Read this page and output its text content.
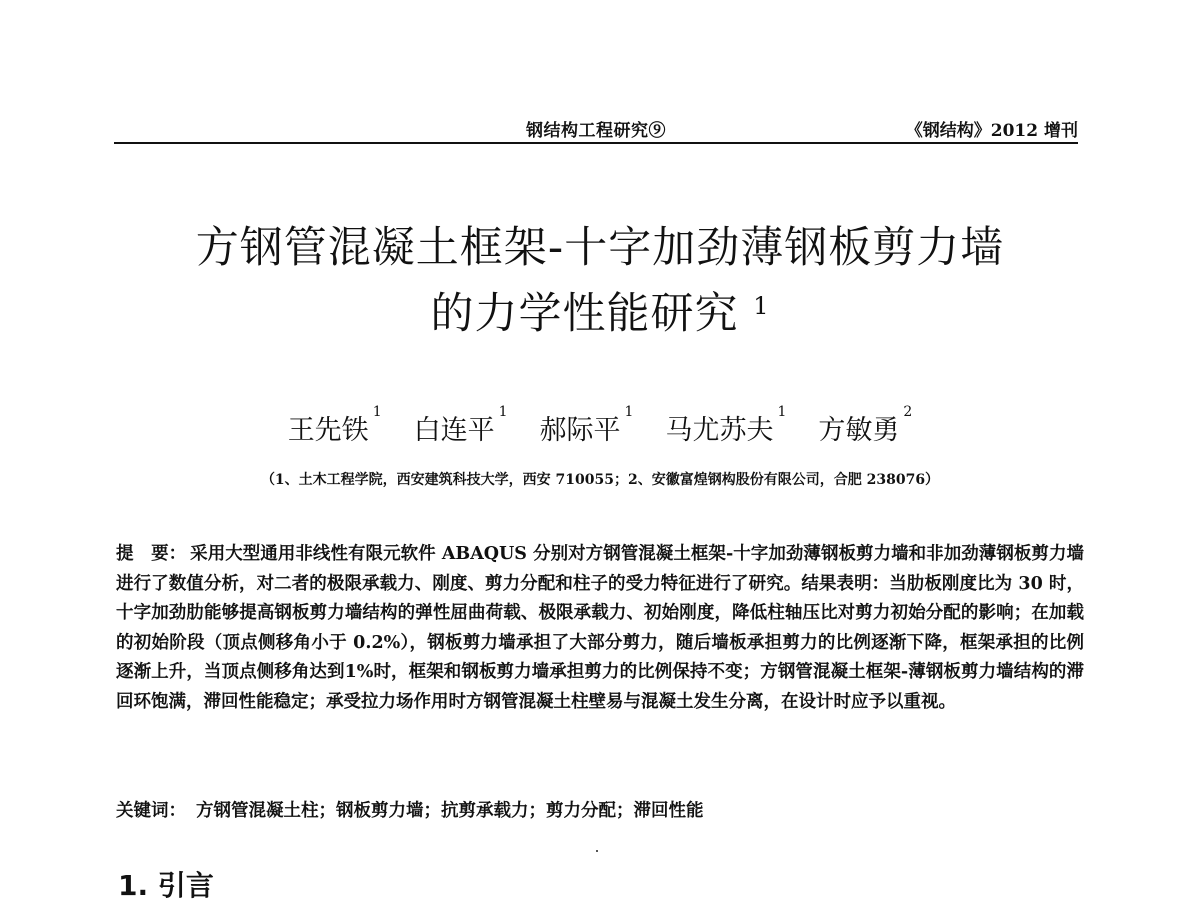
钢结构工程研究⑨	《钢结构》2012 增刊
方钢管混凝土框架-十字加劲薄钢板剪力墙
的力学性能研究 $^1$
王先铁$^1$
白连平$^1$
郝际平$^1$
马尤苏夫$^1$
方敏勇$^2$
（1、土木工程学院，西安建筑科技大学，西安 710055；2、安徽富煌钢构股份有限公司，合肥 238076）
提　要： 采用大型通用非线性有限元软件 ABAQUS 分别对方钢管混凝土框架-十字加劲薄钢板剪力墙和非加劲薄钢板剪力墙进行了数值分析，对二者的极限承载力、刚度、剪力分配和柱子的受力特征进行了研究。结果表明：当肋板刚度比为 30 时，十字加劲肋能够提高钢板剪力墙结构的弹性屈曲荷载、极限承载力、初始刚度，降低柱轴压比对剪力初始分配的影响；在加载的初始阶段（顶点侧移角小于 0.2%），钢板剪力墙承担了大部分剪力，随后墙板承担剪力的比例逐渐下降，框架承担的比例逐渐上升，当顶点侧移角达到1%时，框架和钢板剪力墙承担剪力的比例保持不变；方钢管混凝土框架-薄钢板剪力墙结构的滞回环饱满，滞回性能稳定；承受拉力场作用时方钢管混凝土柱壁易与混凝土发生分离，在设计时应予以重视。
关键词： 方钢管混凝土柱；钢板剪力墙；抗剪承载力；剪力分配；滞回性能
1. 引言
